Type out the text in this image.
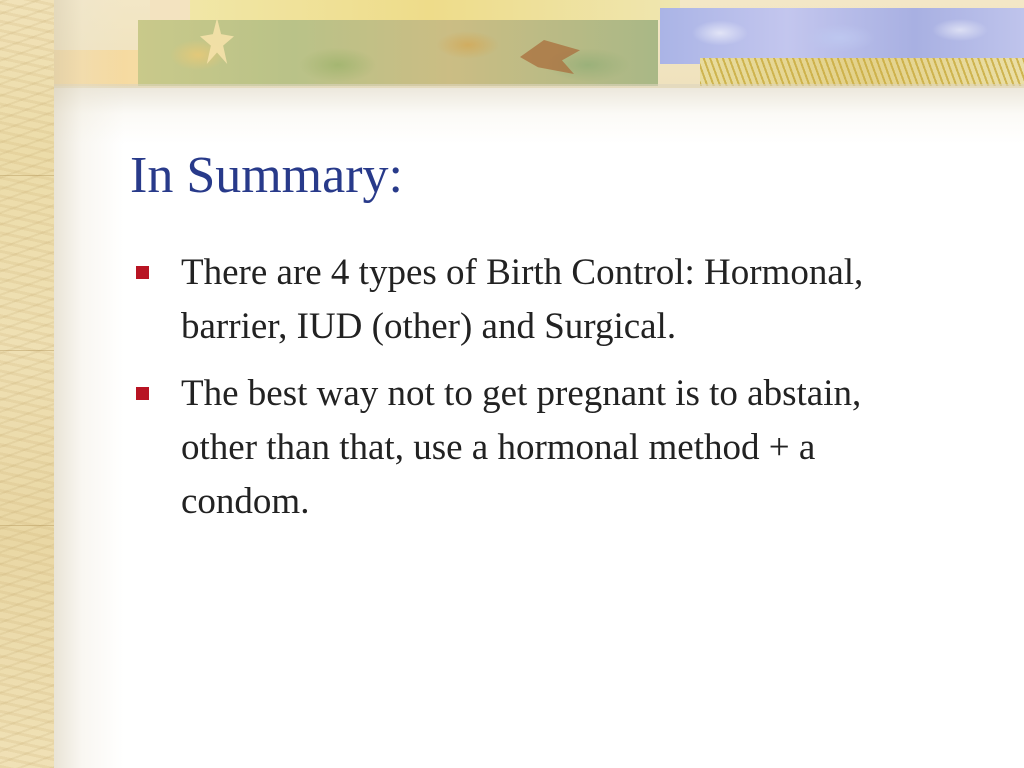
In Summary:
There are 4 types of Birth Control: Hormonal, barrier, IUD (other) and Surgical.
The best way not to get pregnant is to abstain, other than that, use a hormonal method + a condom.
